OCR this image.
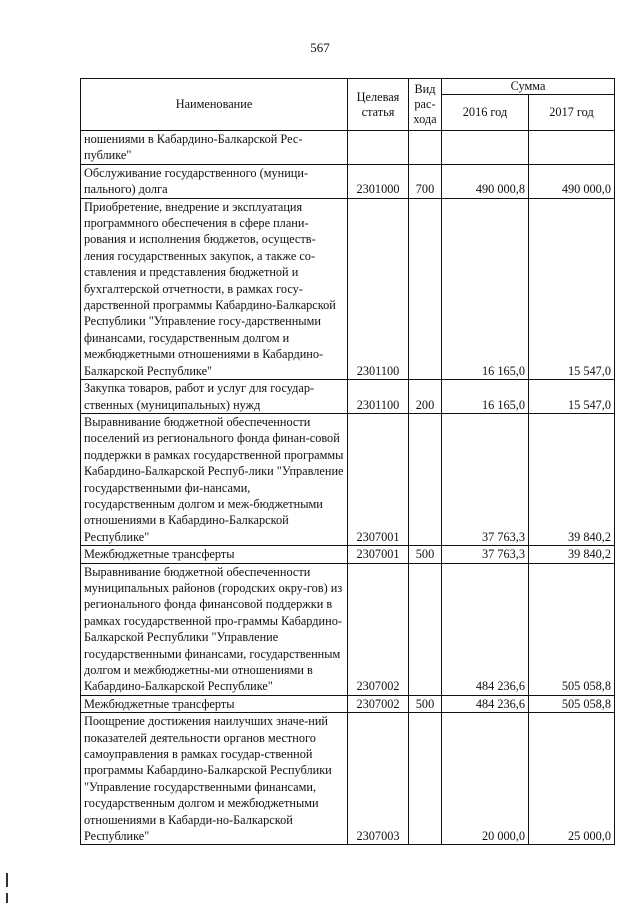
567
Наименование	Целевая статья	Вид рас-хода	Сумма	
			2016 год	2017 год
ношениями в Кабардино-Балкарской Рес-публике"				
Обслуживание государственного (муници-пального) долга	2301000	700	490 000,8	490 000,0
Приобретение, внедрение и эксплуатация программного обеспечения в сфере плани-рования и исполнения бюджетов, осуществ-ления государственных закупок, а также со-ставления и представления бюджетной и бухгалтерской отчетности, в рамках госу-дарственной программы Кабардино-Балкарской Республики "Управление госу-дарственными финансами, государственным долгом и межбюджетными отношениями в Кабардино-Балкарской Республике"	2301100		16 165,0	15 547,0
Закупка товаров, работ и услуг для государ-ственных (муниципальных) нужд	2301100	200	16 165,0	15 547,0
Выравнивание бюджетной обеспеченности поселений из регионального фонда финан-совой поддержки в рамках государственной программы Кабардино-Балкарской Респуб-лики "Управление государственными фи-нансами, государственным долгом и меж-бюджетными отношениями в Кабардино-Балкарской Республике"	2307001		37 763,3	39 840,2
Межбюджетные трансферты	2307001	500	37 763,3	39 840,2
Выравнивание бюджетной обеспеченности муниципальных районов (городских окру-гов) из регионального фонда финансовой поддержки в рамках государственной про-граммы Кабардино-Балкарской Республики "Управление государственными финансами, государственным долгом и межбюджетны-ми отношениями в Кабардино-Балкарской Республике"	2307002		484 236,6	505 058,8
Межбюджетные трансферты	2307002	500	484 236,6	505 058,8
Поощрение достижения наилучших значе-ний показателей деятельности органов местного самоуправления в рамках государ-ственной программы Кабардино-Балкарской Республики "Управление государственными финансами, государственным долгом и межбюджетными отношениями в Кабарди-но-Балкарской Республике"	2307003		20 000,0	25 000,0
